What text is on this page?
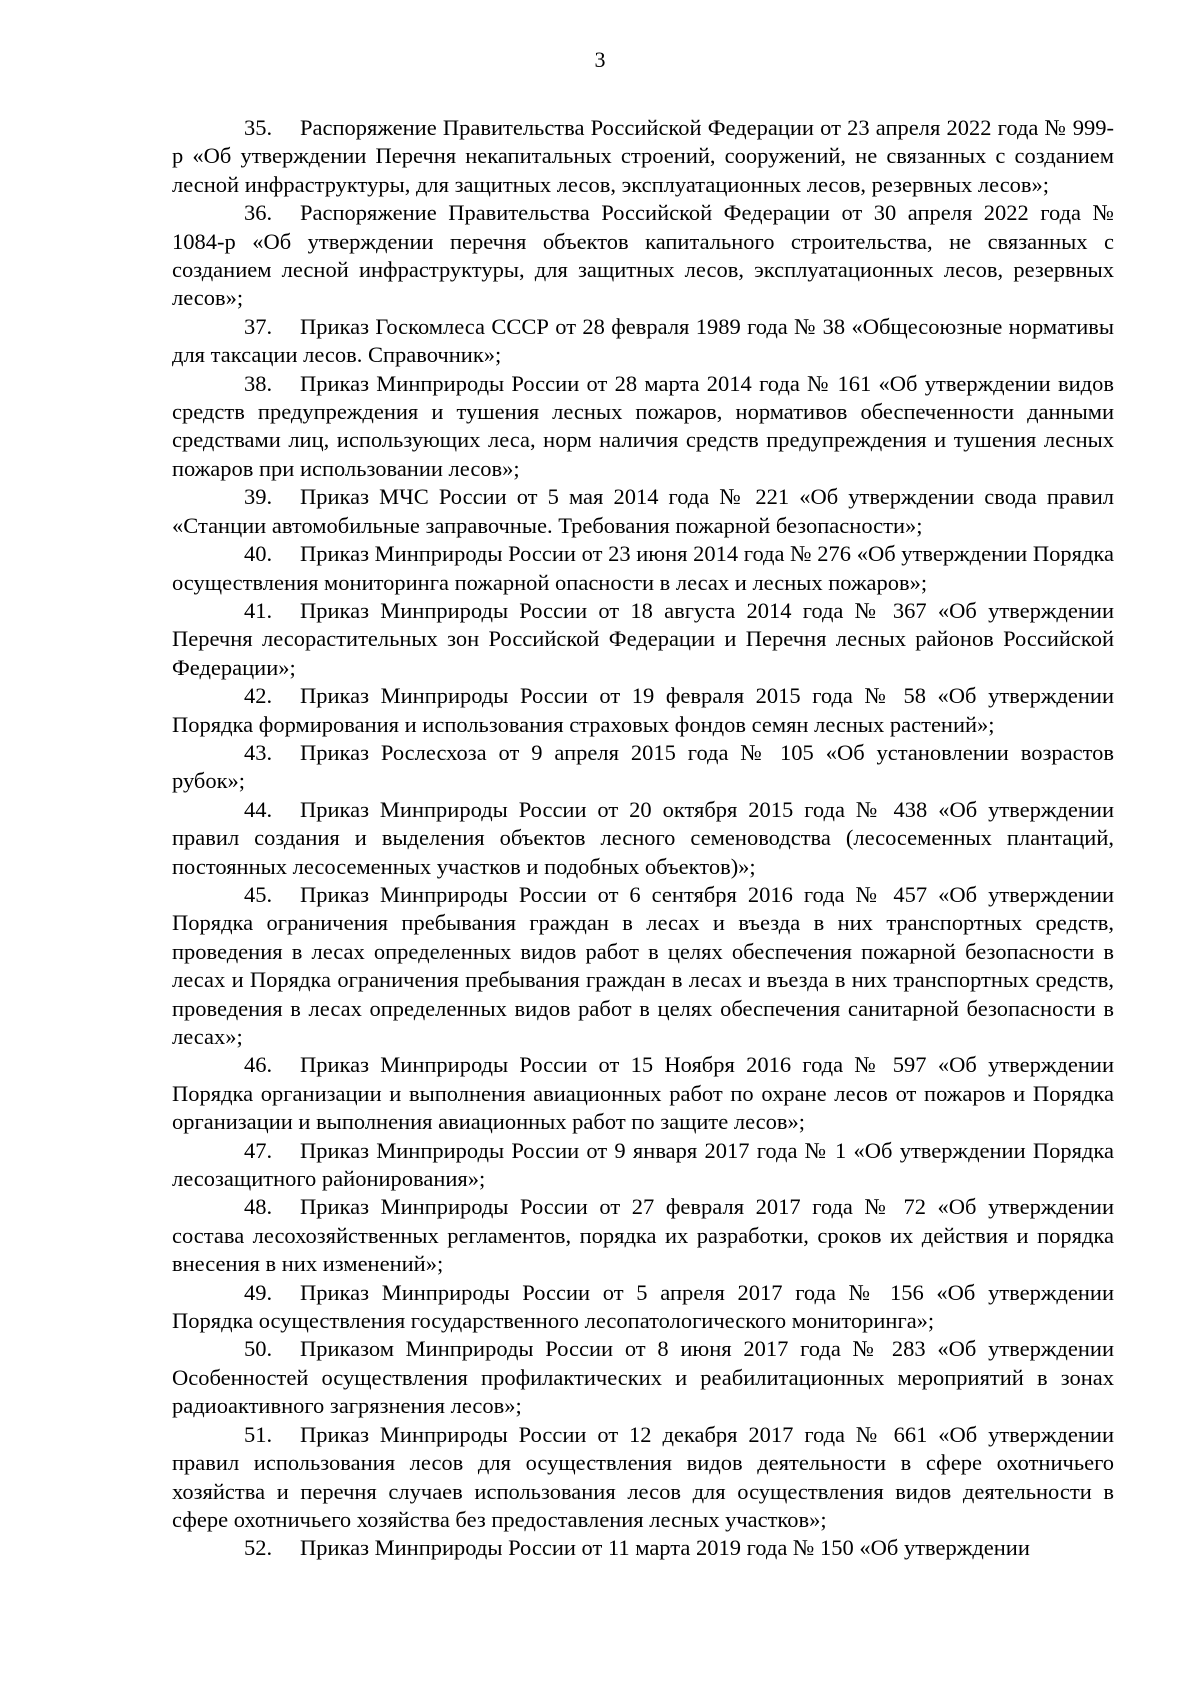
3

35. Распоряжение Правительства Российской Федерации от 23 апреля 2022 года № 999-р «Об утверждении Перечня некапитальных строений, сооружений, не связанных с созданием лесной инфраструктуры, для защитных лесов, эксплуатационных лесов, резервных лесов»;

36. Распоряжение Правительства Российской Федерации от 30 апреля 2022 года № 1084-р «Об утверждении перечня объектов капитального строительства, не связанных с созданием лесной инфраструктуры, для защитных лесов, эксплуатационных лесов, резервных лесов»;

37. Приказ Госкомлеса СССР от 28 февраля 1989 года № 38 «Общесоюзные нормативы для таксации лесов. Справочник»;

38. Приказ Минприроды России от 28 марта 2014 года № 161 «Об утверждении видов средств предупреждения и тушения лесных пожаров, нормативов обеспеченности данными средствами лиц, использующих леса, норм наличия средств предупреждения и тушения лесных пожаров при использовании лесов»;

39. Приказ МЧС России от 5 мая 2014 года № 221 «Об утверждении свода правил «Станции автомобильные заправочные. Требования пожарной безопасности»;

40. Приказ Минприроды России от 23 июня 2014 года № 276 «Об утверждении Порядка осуществления мониторинга пожарной опасности в лесах и лесных пожаров»;

41. Приказ Минприроды России от 18 августа 2014 года № 367 «Об утверждении Перечня лесорастительных зон Российской Федерации и Перечня лесных районов Российской Федерации»;

42. Приказ Минприроды России от 19 февраля 2015 года № 58 «Об утверждении Порядка формирования и использования страховых фондов семян лесных растений»;

43. Приказ Рослесхоза от 9 апреля 2015 года № 105 «Об установлении возрастов рубок»;

44. Приказ Минприроды России от 20 октября 2015 года № 438 «Об утверждении правил создания и выделения объектов лесного семеноводства (лесосеменных плантаций, постоянных лесосеменных участков и подобных объектов)»;

45. Приказ Минприроды России от 6 сентября 2016 года № 457 «Об утверждении Порядка ограничения пребывания граждан в лесах и въезда в них транспортных средств, проведения в лесах определенных видов работ в целях обеспечения пожарной безопасности в лесах и Порядка ограничения пребывания граждан в лесах и въезда в них транспортных средств, проведения в лесах определенных видов работ в целях обеспечения санитарной безопасности в лесах»;

46. Приказ Минприроды России от 15 Ноября 2016 года № 597 «Об утверждении Порядка организации и выполнения авиационных работ по охране лесов от пожаров и Порядка организации и выполнения авиационных работ по защите лесов»;

47. Приказ Минприроды России от 9 января 2017 года № 1 «Об утверждении Порядка лесозащитного районирования»;

48. Приказ Минприроды России от 27 февраля 2017 года № 72 «Об утверждении состава лесохозяйственных регламентов, порядка их разработки, сроков их действия и порядка внесения в них изменений»;

49. Приказ Минприроды России от 5 апреля 2017 года № 156 «Об утверждении Порядка осуществления государственного лесопатологического мониторинга»;

50. Приказом Минприроды России от 8 июня 2017 года № 283 «Об утверждении Особенностей осуществления профилактических и реабилитационных мероприятий в зонах радиоактивного загрязнения лесов»;

51. Приказ Минприроды России от 12 декабря 2017 года № 661 «Об утверждении правил использования лесов для осуществления видов деятельности в сфере охотничьего хозяйства и перечня случаев использования лесов для осуществления видов деятельности в сфере охотничьего хозяйства без предоставления лесных участков»;

52. Приказ Минприроды России от 11 марта 2019 года № 150 «Об утверждении
